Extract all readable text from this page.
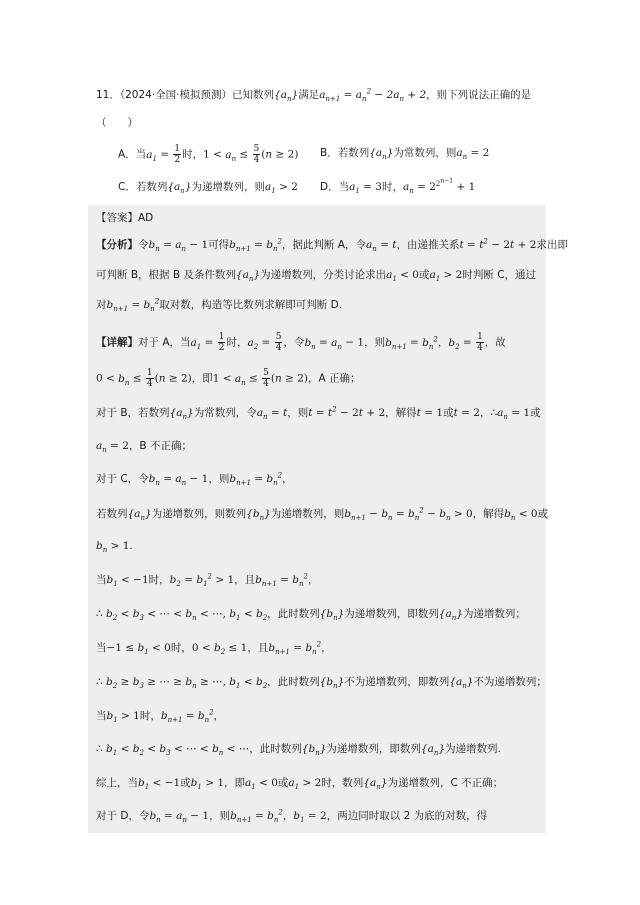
11．（2024·全国·模拟预测）已知数列$\{a_n\}$满足$a_{n+1} = a_n^2 - 2a_n + 2$，则下列说法正确的是
（　　）
A．当$a_1 = \frac{1}{2}$ 时，$1 < a_n \le \frac{5}{4} (n \ge 2)$ B．若数列$\{a_n\}$为常数列，则$a_n = 2$
C．若数列$\{a_n\}$为递增数列，则$a_1 > 2$ D．当$a_1 = 3$时，$a_n = 2^{2^{n-1}} + 1$
【答案】AD
【分析】令$b_n = a_n - 1$可得$b_{n+1} = b_n^2$，据此判断 A，令$a_n = t$，由递推关系$t = t^2 - 2t + 2$求出即
可判断 B，根据 B 及条件数列$\{a_n\}$为递增数列，分类讨论求出$a_1 < 0$或$a_1 > 2$时判断 C，通过
对$b_{n+1} = b_n^2$取对数，构造等比数列求解即可判断 D.
【详解】对于 A，当$a_1 = \frac{1}{2}$ 时，$a_2 = \frac{5}{4}$ ，令$b_n = a_n - 1$，则$b_{n+1} = b_n^2$，$b_2 = \frac{1}{4}$ ，故
$0 < b_n \le \frac{1}{4} (n \ge 2)$，即$1 < a_n \le \frac{5}{4} (n \ge 2)$，A 正确；
对于 B，若数列$\{a_n\}$为常数列，令$a_n = t$，则$t = t^2 - 2t + 2$，解得t = 1或t = 2，$\therefore a_n = 1$或
$a_n = 2$，B 不正确；
对于 C，令$b_n = a_n - 1$，则$b_{n+1} = b_n^2$，
若数列$\{a_n\}$为递增数列，则数列$\{b_n\}$为递增数列，则$b_{n+1} - b_n = b_n^2 - b_n > 0$，解得$b_n < 0$或
$b_n > 1$.
当$b_1 < -1$时，$b_2 = b_1^2 > 1$，且$b_{n+1} = b_n^2$，
∴ $b_2 < b_3$ < ⋯ < $b_n$ < ⋯, $b_1 < b_2$，此时数列$\{b_n\}$为递增数列，即数列$\{a_n\}$为递增数列；
当$-1 \le b_1 < 0$时，$0 < b_2 \le 1$，且$b_{n+1} = b_n^2$，
∴ $b_2 \ge b_3$ ≥ ⋯ ≥ $b_n$ ≥ ⋯, $b_1 < b_2$，此时数列$\{b_n\}$不为递增数列，即数列$\{a_n\}$不为递增数列；
当$b_1 > 1$时，$b_{n+1} = b_n^2$，
∴ $b_1 < b_2 < b_3$ < ⋯ < $b_n$ < ⋯，此时数列$\{b_n\}$为递增数列，即数列$\{a_n\}$为递增数列.
综上，当$b_1 < -1$或$b_1 > 1$，即$a_1 < 0$或$a_1 > 2$时，数列$\{a_n\}$为递增数列，C 不正确；
对于 D，令$b_n = a_n - 1$，则$b_{n+1} = b_n^2$，$b_1 = 2$，两边同时取以 2 为底的对数，得
